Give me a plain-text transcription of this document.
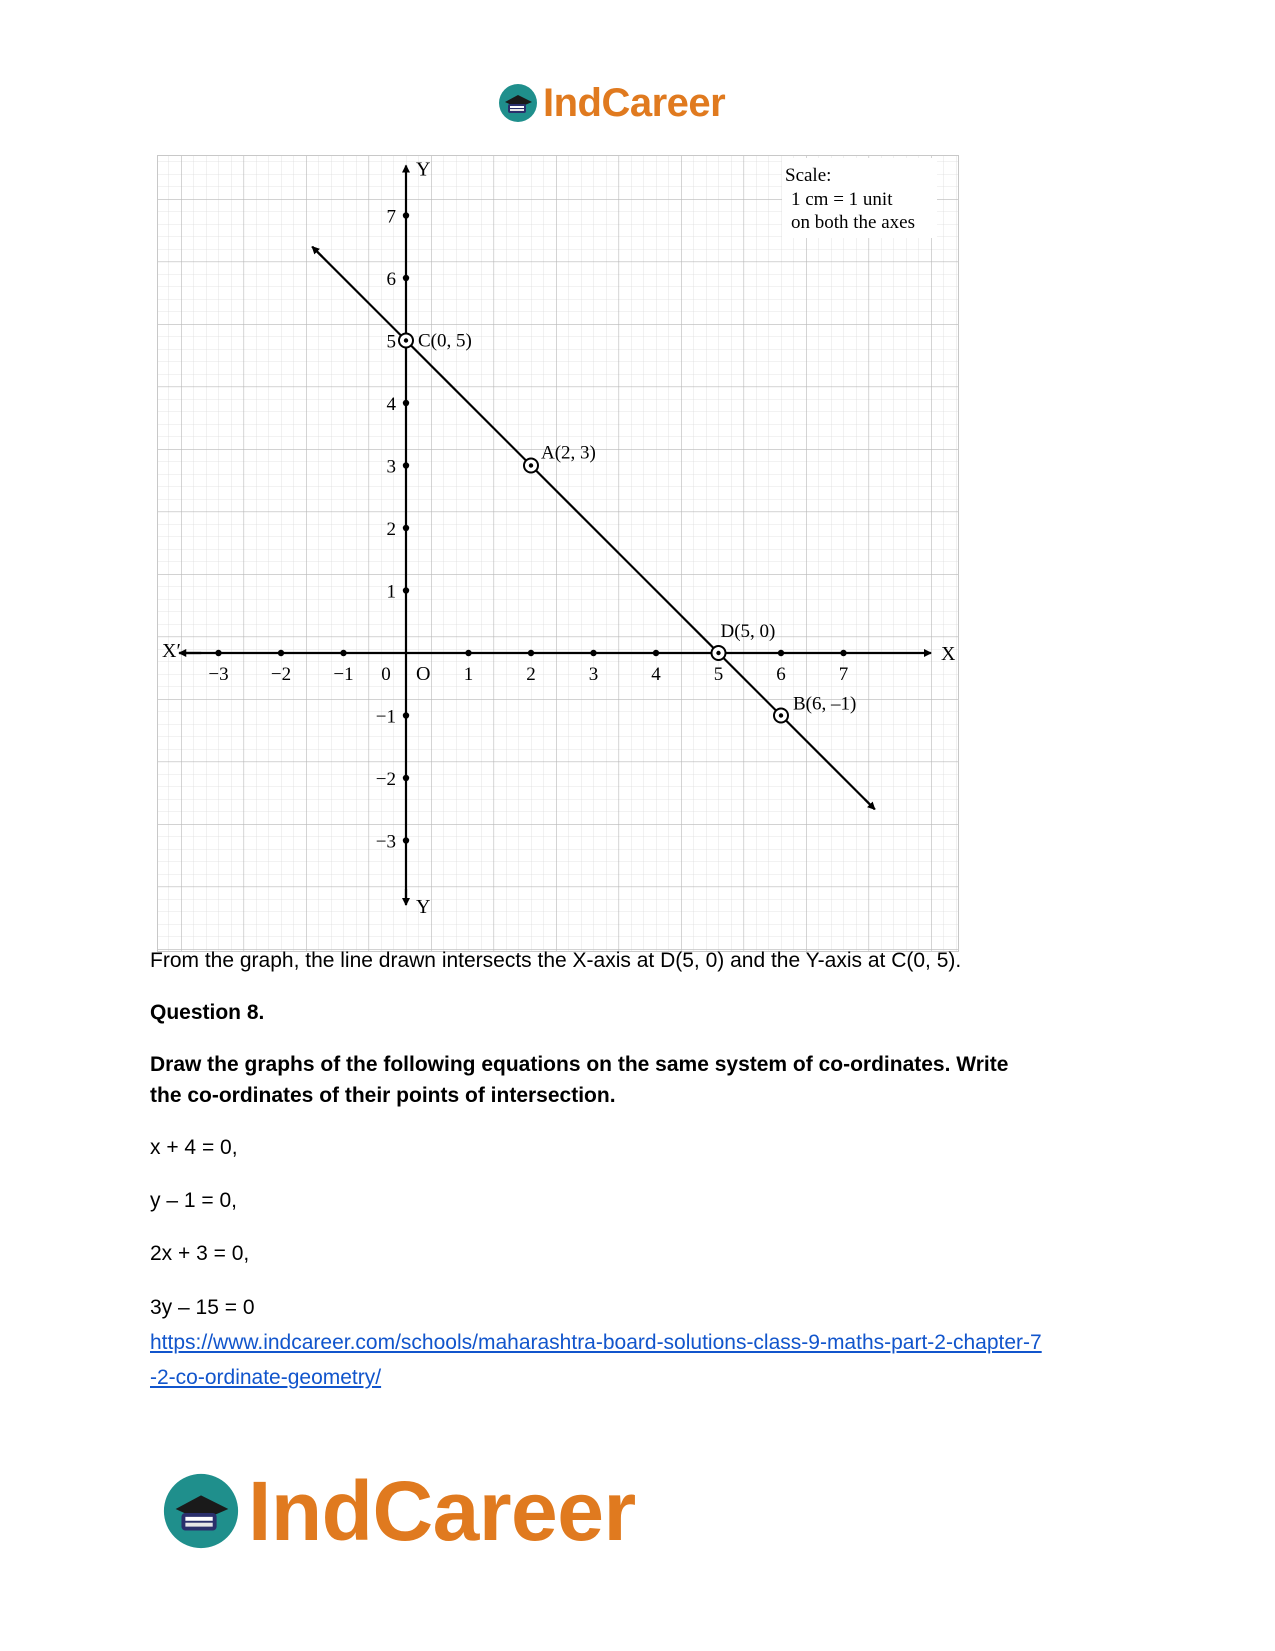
IndCareer
Scale:
1 cm = 1 unit
on both the axes
X
X′
Y
Y
O
−3 −2 −1 0	1	2	3	4	5	6	7
−3
−2
−1
1
2
3
4
5
6
7
C(0, 5)
A(2, 3)
D(5, 0)
B(6, –1)
From the graph, the line drawn intersects the X-axis at D(5, 0) and the Y-axis at C(0, 5).
Question 8.
Draw the graphs of the following equations on the same system of co-ordinates. Write
the co-ordinates of their points of intersection.
x + 4 = 0,
y – 1 = 0,
2x + 3 = 0,
3y – 15 = 0
https://www.indcareer.com/schools/maharashtra-board-solutions-class-9-maths-part-2-chapter-7
-2-co-ordinate-geometry/
IndCareer
